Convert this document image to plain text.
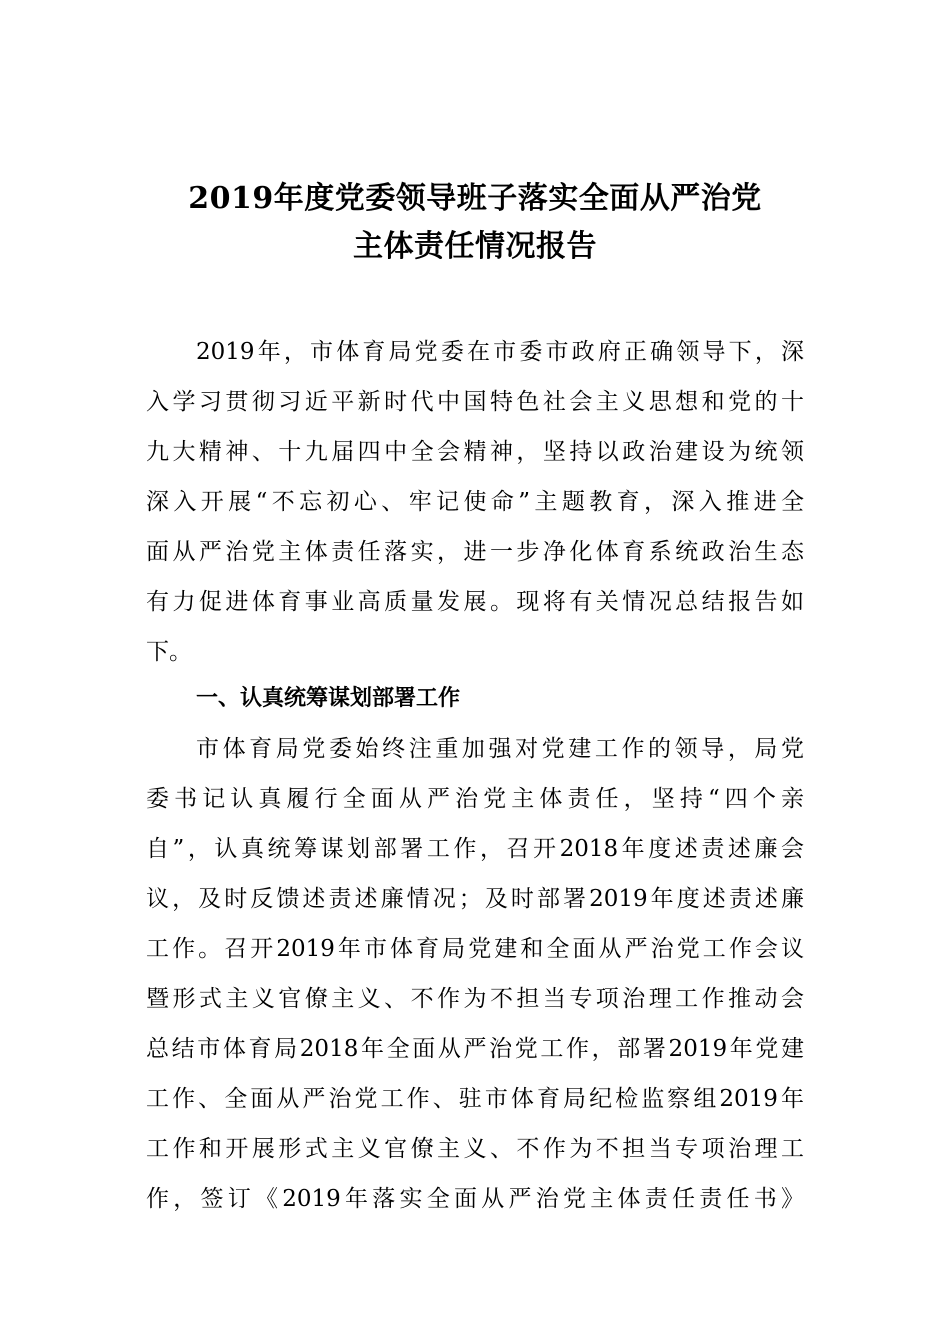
2019年度党委领导班子落实全面从严治党
主体责任情况报告

2019年，市体育局党委在市委市政府正确领导下，深

入学习贯彻习近平新时代中国特色社会主义思想和党的十

九大精神、十九届四中全会精神，坚持以政治建设为统领

深入开展“不忘初心、牢记使命”主题教育，深入推进全

面从严治党主体责任落实，进一步净化体育系统政治生态

有力促进体育事业高质量发展。现将有关情况总结报告如

下。

一、认真统筹谋划部署工作

市体育局党委始终注重加强对党建工作的领导，局党

委书记认真履行全面从严治党主体责任，坚持“四个亲

自”，认真统筹谋划部署工作，召开2018年度述责述廉会

议，及时反馈述责述廉情况；及时部署2019年度述责述廉

工作。召开2019年市体育局党建和全面从严治党工作会议

暨形式主义官僚主义、不作为不担当专项治理工作推动会

总结市体育局2018年全面从严治党工作，部署2019年党建

工作、全面从严治党工作、驻市体育局纪检监察组2019年

工作和开展形式主义官僚主义、不作为不担当专项治理工

作，签订《2019年落实全面从严治党主体责任责任书》
